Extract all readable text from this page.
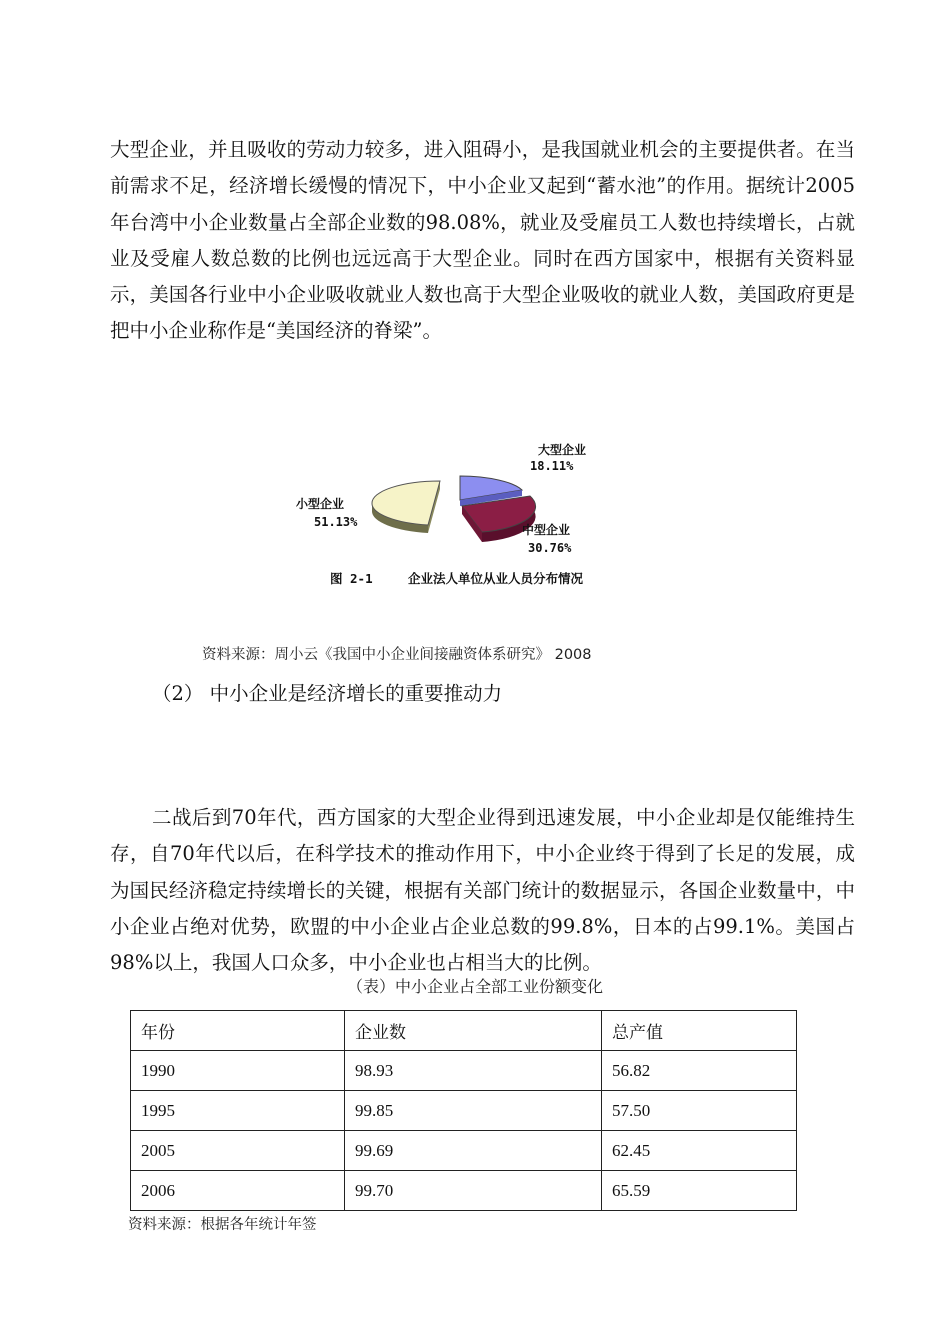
大型企业，并且吸收的劳动力较多，进入阻碍小，是我国就业机会的主要提供者。在当前需求不足，经济增长缓慢的情况下，中小企业又起到“蓄水池”的作用。据统计2005年台湾中小企业数量占全部企业数的98.08%，就业及受雇员工人数也持续增长，占就业及受雇人数总数的比例也远远高于大型企业。同时在西方国家中，根据有关资料显示，美国各行业中小企业吸收就业人数也高于大型企业吸收的就业人数，美国政府更是把中小企业称作是“美国经济的脊梁”。

大型企业
18.11%
小型企业
51.13%
中型企业
30.76%
图 2-1	企业法人单位从业人员分布情况
资料来源：周小云《我国中小企业间接融资体系研究》 2008

（2） 中小企业是经济增长的重要推动力

二战后到70年代，西方国家的大型企业得到迅速发展，中小企业却是仅能维持生存，自70年代以后，在科学技术的推动作用下，中小企业终于得到了长足的发展，成为国民经济稳定持续增长的关键，根据有关部门统计的数据显示，各国企业数量中，中小企业占绝对优势，欧盟的中小企业占企业总数的99.8%，日本的占99.1%。美国占98%以上，我国人口众多，中小企业也占相当大的比例。

（表）中小企业占全部工业份额变化
年份	企业数	总产值
1990	98.93	56.82
1995	99.85	57.50
2005	99.69	62.45
2006	99.70	65.59
资料来源：根据各年统计年签
